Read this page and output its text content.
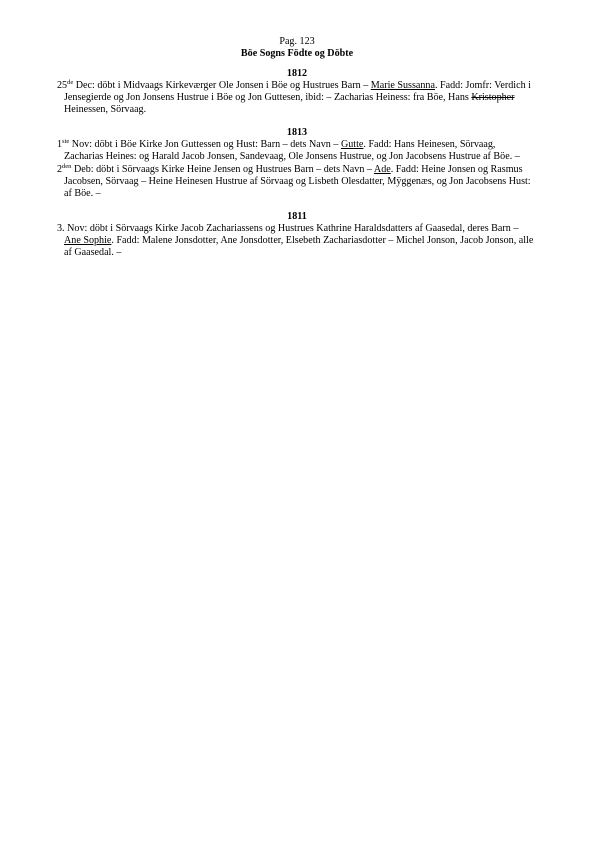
Pag. 123

Böe Sogns Födte og Döbte

1812

25de Dec: döbt i Midvaags Kirkeværger Ole Jonsen i Böe og Hustrues Barn – Marie Sussanna. Fadd: Jomfr: Verdich i Jensegierde og Jon Jonsens Hustrue i Böe og Jon Guttesen, ibid: – Zacharias Heiness: fra Böe, Hans Kristopher Heinessen, Sörvaag.

1813

1ste Nov: döbt i Böe Kirke Jon Guttessen og Hust: Barn – dets Navn – Gutte. Fadd: Hans Heinesen, Sörvaag, Zacharias Heines: og Harald Jacob Jonsen, Sandevaag, Ole Jonsens Hustrue, og Jon Jacobsens Hustrue af Böe. –

$2^{den}$ Deb: döbt i Sörvaags Kirke Heine Jensen og Hustrues Barn – dets Navn – Ade. Fadd: Heine Jonsen og Rasmus Jacobsen, Sörvaag – Heine Heinesen Hustrue af Sörvaag og Lisbeth Olesdatter, Mÿggenæs, og Jon Jacobsens Hust: af Böe. –

1811

3. Nov: döbt i Sörvaags Kirke Jacob Zachariassens og Hustrues Kathrine Haraldsdatters af Gaasedal, deres Barn – Ane Sophie. Fadd: Malene Jonsdotter, Ane Jonsdotter, Elsebeth Zachariasdotter – Michel Jonson, Jacob Jonson, alle af Gaasedal. –
